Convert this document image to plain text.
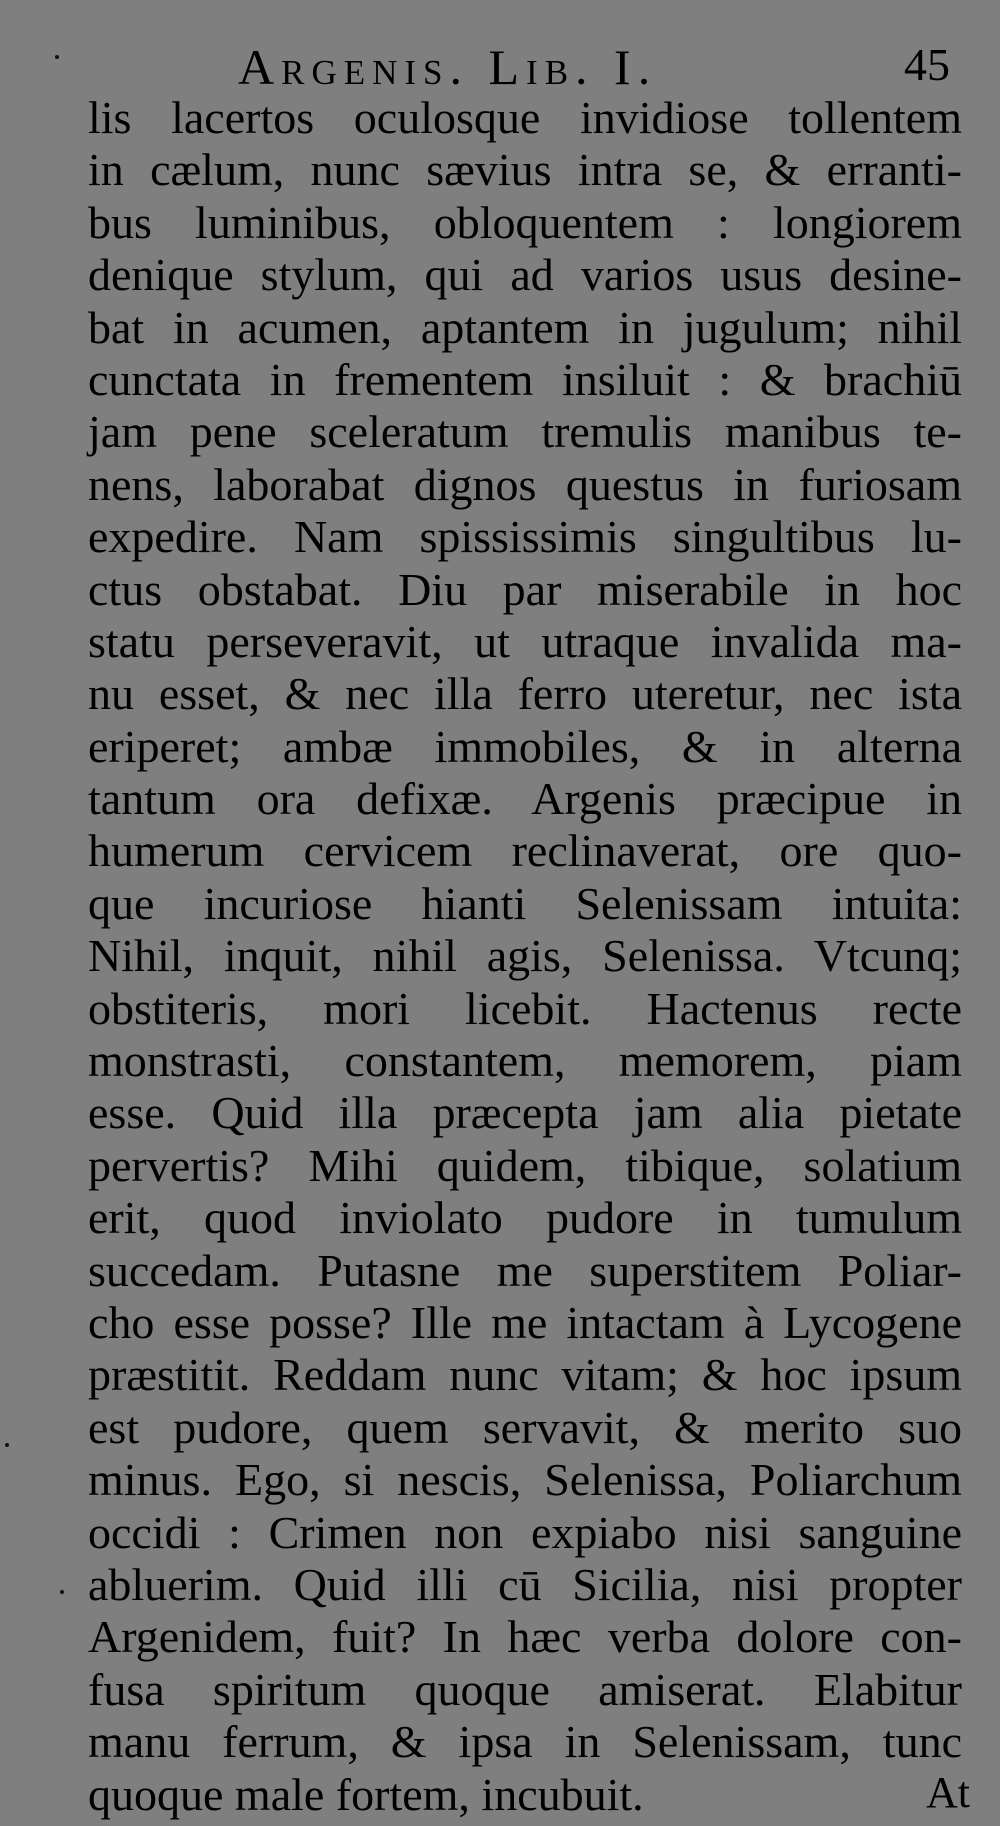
Argenis. Lib. I.	45
lis lacertos oculosque invidiose tollentem
in cælum, nunc sævius intra se, & erranti-
bus luminibus, obloquentem : longiorem
denique stylum, qui ad varios usus desine-
bat in acumen, aptantem in jugulum; nihil
cunctata in frementem insiluit : & brachiū
jam pene sceleratum tremulis manibus te-
nens, laborabat dignos questus in furiosam
expedire. Nam spississimis singultibus lu-
ctus obstabat. Diu par miserabile in hoc
statu perseveravit, ut utraque invalida ma-
nu esset, & nec illa ferro uteretur, nec ista
eriperet; ambæ immobiles, & in alterna
tantum ora defixæ. Argenis præcipue in
humerum cervicem reclinaverat, ore quo-
que incuriose hianti Selenissam intuita:
Nihil, inquit, nihil agis, Selenissa. Vtcunq;
obstiteris, mori licebit. Hactenus recte
monstrasti, constantem, memorem, piam
esse. Quid illa præcepta jam alia pietate
pervertis? Mihi quidem, tibique, solatium
erit, quod inviolato pudore in tumulum
succedam. Putasne me superstitem Poliar-
cho esse posse? Ille me intactam à Lycogene
præstitit. Reddam nunc vitam; & hoc ipsum
est pudore, quem servavit, & merito suo
minus. Ego, si nescis, Selenissa, Poliarchum
occidi : Crimen non expiabo nisi sanguine
abluerim. Quid illi cū Sicilia, nisi propter
Argenidem, fuit? In hæc verba dolore con-
fusa spiritum quoque amiserat. Elabitur
manu ferrum, & ipsa in Selenissam, tunc
quoque male fortem, incubuit.	At
